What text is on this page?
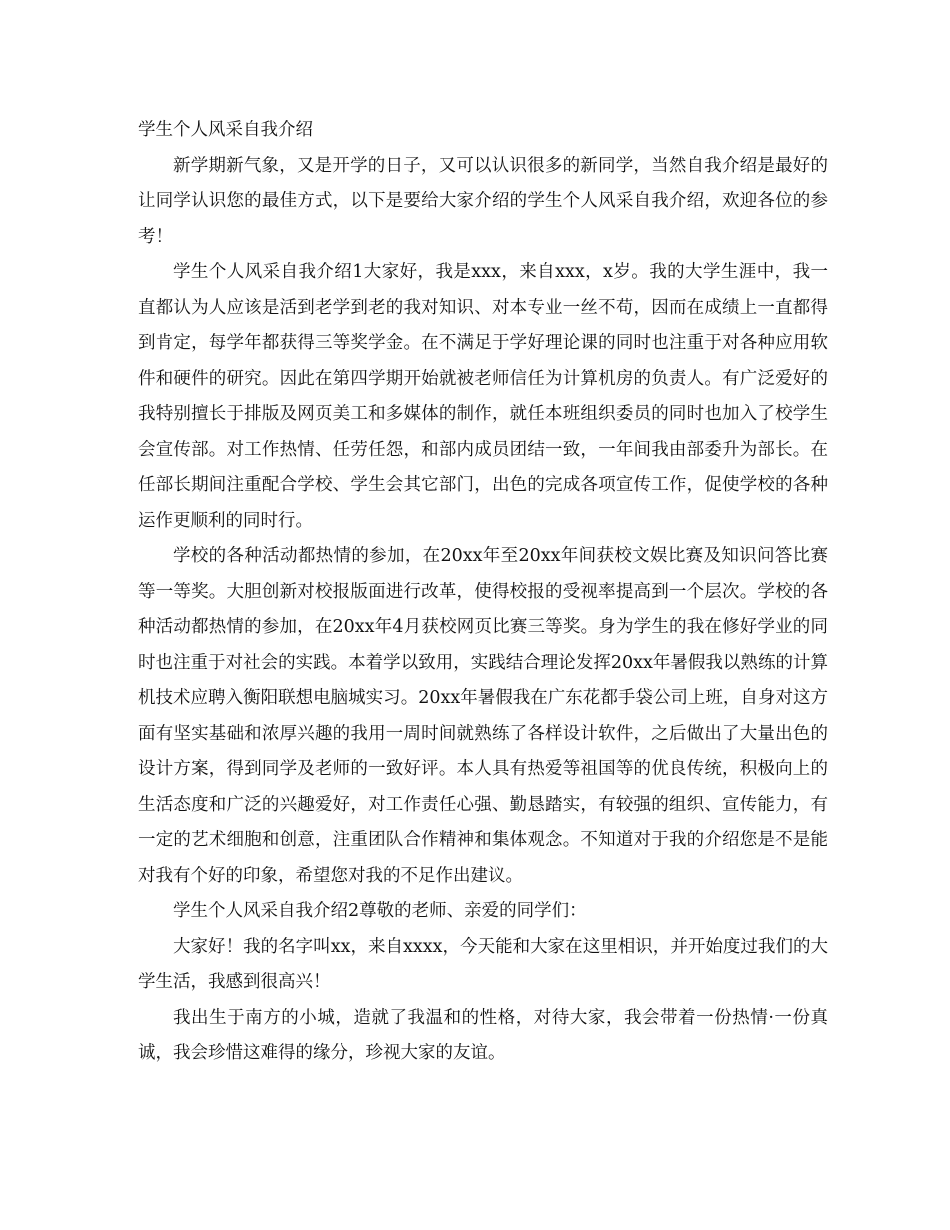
学生个人风采自我介绍

新学期新气象，又是开学的日子，又可以认识很多的新同学，当然自我介绍是最好的让同学认识您的最佳方式，以下是要给大家介绍的学生个人风采自我介绍，欢迎各位的参考！

学生个人风采自我介绍1大家好，我是xxx，来自xxx，x岁。我的大学生涯中，我一直都认为人应该是活到老学到老的我对知识、对本专业一丝不苟，因而在成绩上一直都得到肯定，每学年都获得三等奖学金。在不满足于学好理论课的同时也注重于对各种应用软件和硬件的研究。因此在第四学期开始就被老师信任为计算机房的负责人。有广泛爱好的我特别擅长于排版及网页美工和多媒体的制作，就任本班组织委员的同时也加入了校学生会宣传部。对工作热情、任劳任怨，和部内成员团结一致，一年间我由部委升为部长。在任部长期间注重配合学校、学生会其它部门，出色的完成各项宣传工作，促使学校的各种运作更顺利的同时行。

学校的各种活动都热情的参加，在20xx年至20xx年间获校文娱比赛及知识问答比赛等一等奖。大胆创新对校报版面进行改革，使得校报的受视率提高到一个层次。学校的各种活动都热情的参加，在20xx年4月获校网页比赛三等奖。身为学生的我在修好学业的同时也注重于对社会的实践。本着学以致用，实践结合理论发挥20xx年暑假我以熟练的计算机技术应聘入衡阳联想电脑城实习。20xx年暑假我在广东花都手袋公司上班，自身对这方面有坚实基础和浓厚兴趣的我用一周时间就熟练了各样设计软件，之后做出了大量出色的设计方案，得到同学及老师的一致好评。本人具有热爱等祖国等的优良传统，积极向上的生活态度和广泛的兴趣爱好，对工作责任心强、勤恳踏实，有较强的组织、宣传能力，有一定的艺术细胞和创意，注重团队合作精神和集体观念。不知道对于我的介绍您是不是能对我有个好的印象，希望您对我的不足作出建议。

学生个人风采自我介绍2尊敬的老师、亲爱的同学们：

大家好！我的名字叫xx，来自xxxx，今天能和大家在这里相识，并开始度过我们的大学生活，我感到很高兴！

我出生于南方的小城，造就了我温和的性格，对待大家，我会带着一份热情·一份真诚，我会珍惜这难得的缘分，珍视大家的友谊。
